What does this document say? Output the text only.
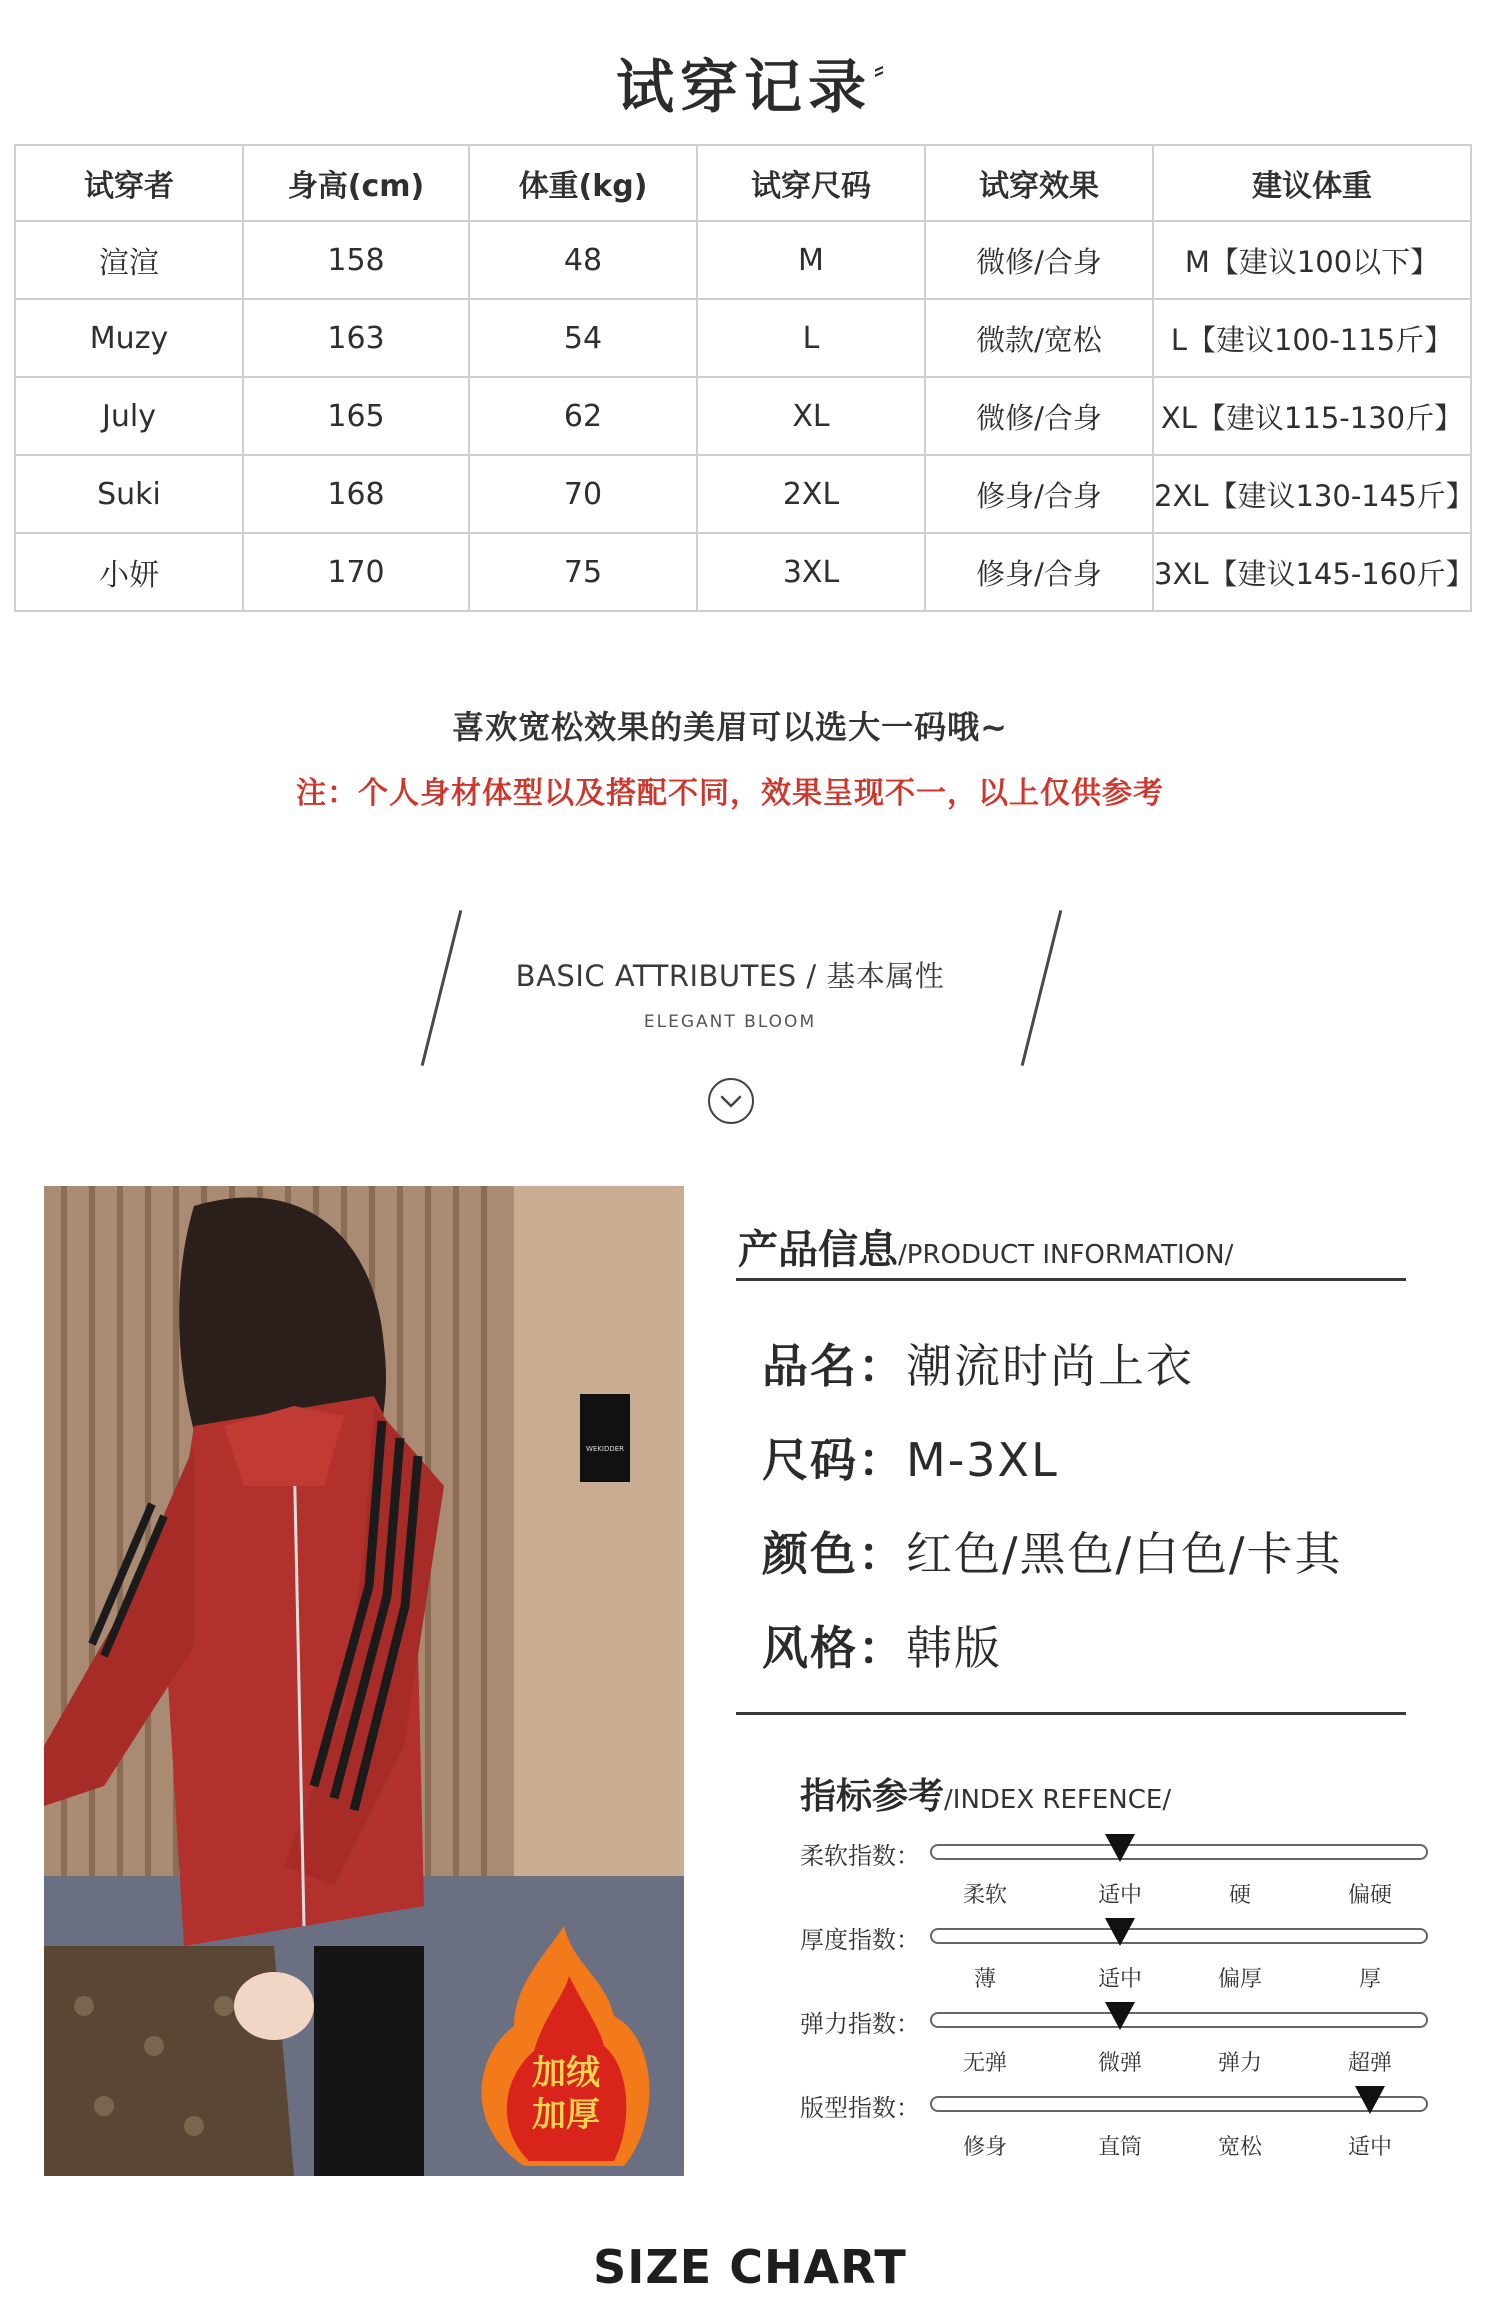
试穿记录⸗
试穿者	身高(cm)	体重(kg)	试穿尺码	试穿效果	建议体重
渲渲	158	48	M	微修/合身	M【建议100以下】
Muzy	163	54	L	微款/宽松	L【建议100-115斤】
July	165	62	XL	微修/合身	XL【建议115-130斤】
Suki	168	70	2XL	修身/合身	2XL【建议130-145斤】
小妍	170	75	3XL	修身/合身	3XL【建议145-160斤】
喜欢宽松效果的美眉可以选大一码哦~
注：个人身材体型以及搭配不同，效果呈现不一，以上仅供参考
BASIC ATTRIBUTES / 基本属性
ELEGANT BLOOM
WEKIDDER
加绒
加厚
产品信息/PRODUCT INFORMATION/
品名：潮流时尚上衣
尺码：M-3XL
颜色：红色/黑色/白色/卡其
风格：韩版
指标参考/INDEX REFENCE/
柔软指数：
柔软	适中	硬	偏硬
厚度指数：
薄	适中	偏厚	厚
弹力指数：
无弹	微弹	弹力	超弹
版型指数：
修身	直筒	宽松	适中
SIZE CHART
